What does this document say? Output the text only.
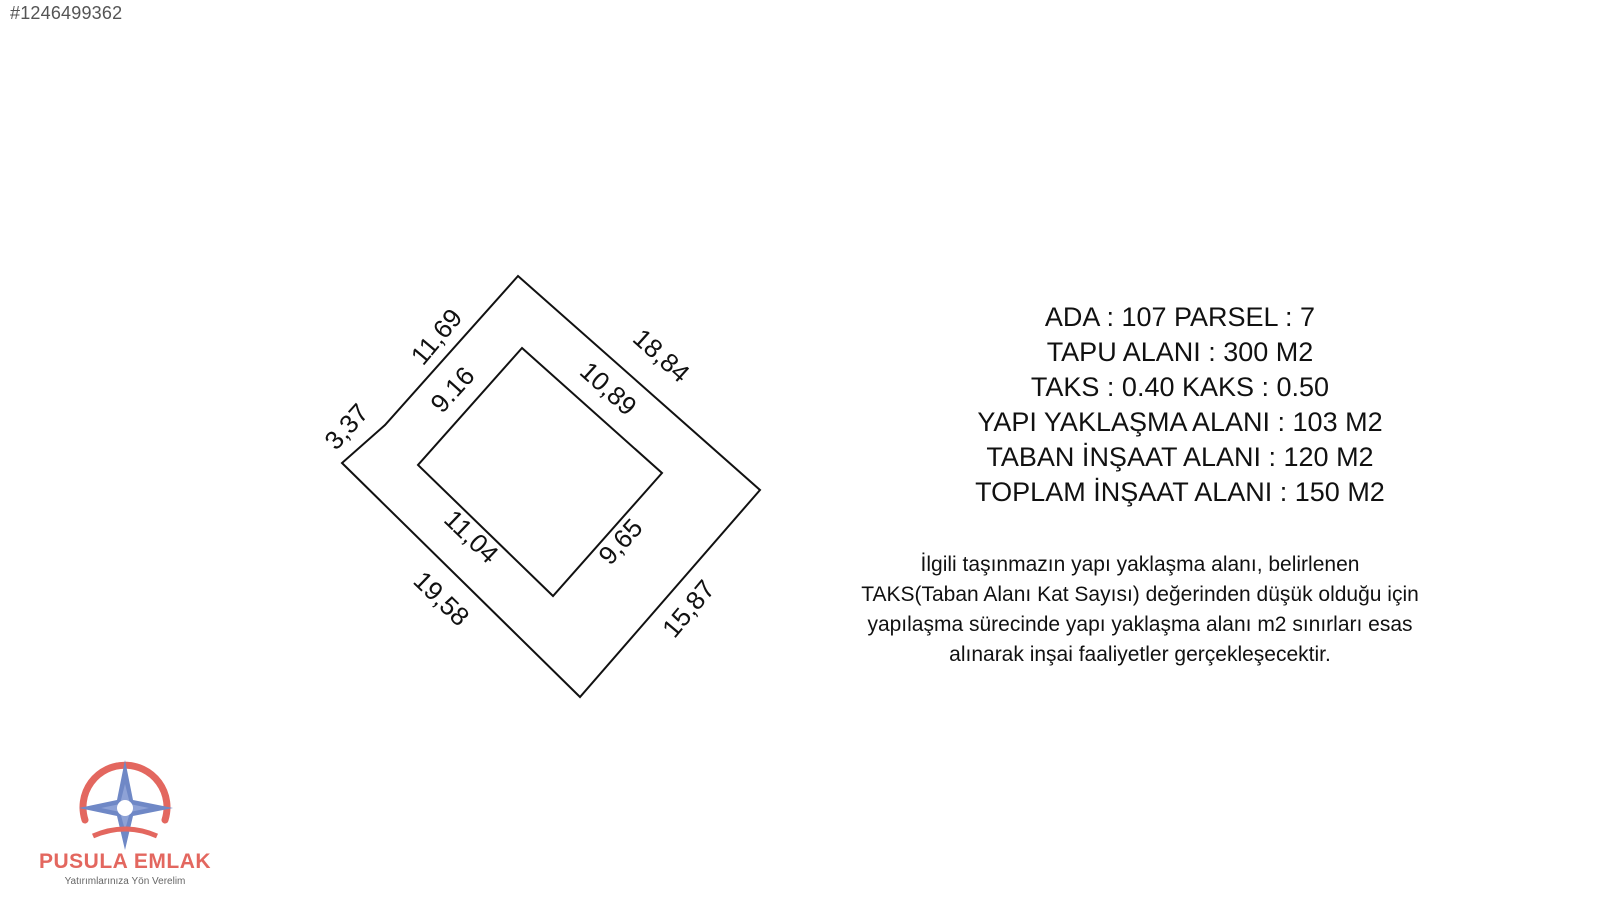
#1246499362
11,69	18,84
15,87
19,58
3,37
9.16	10,89
9,65
11,04
ADA : 107 PARSEL : 7
TAPU ALANI : 300 M2
TAKS : 0.40 KAKS : 0.50
YAPI YAKLAŞMA ALANI : 103 M2
TABAN İNŞAAT ALANI : 120 M2
TOPLAM İNŞAAT ALANI : 150 M2
İlgili taşınmazın yapı yaklaşma alanı, belirlenen
TAKS(Taban Alanı Kat Sayısı) değerinden düşük olduğu için
yapılaşma sürecinde yapı yaklaşma alanı m2 sınırları esas
alınarak inşai faaliyetler gerçekleşecektir.
PUSULA EMLAK
Yatırımlarınıza Yön Verelim
